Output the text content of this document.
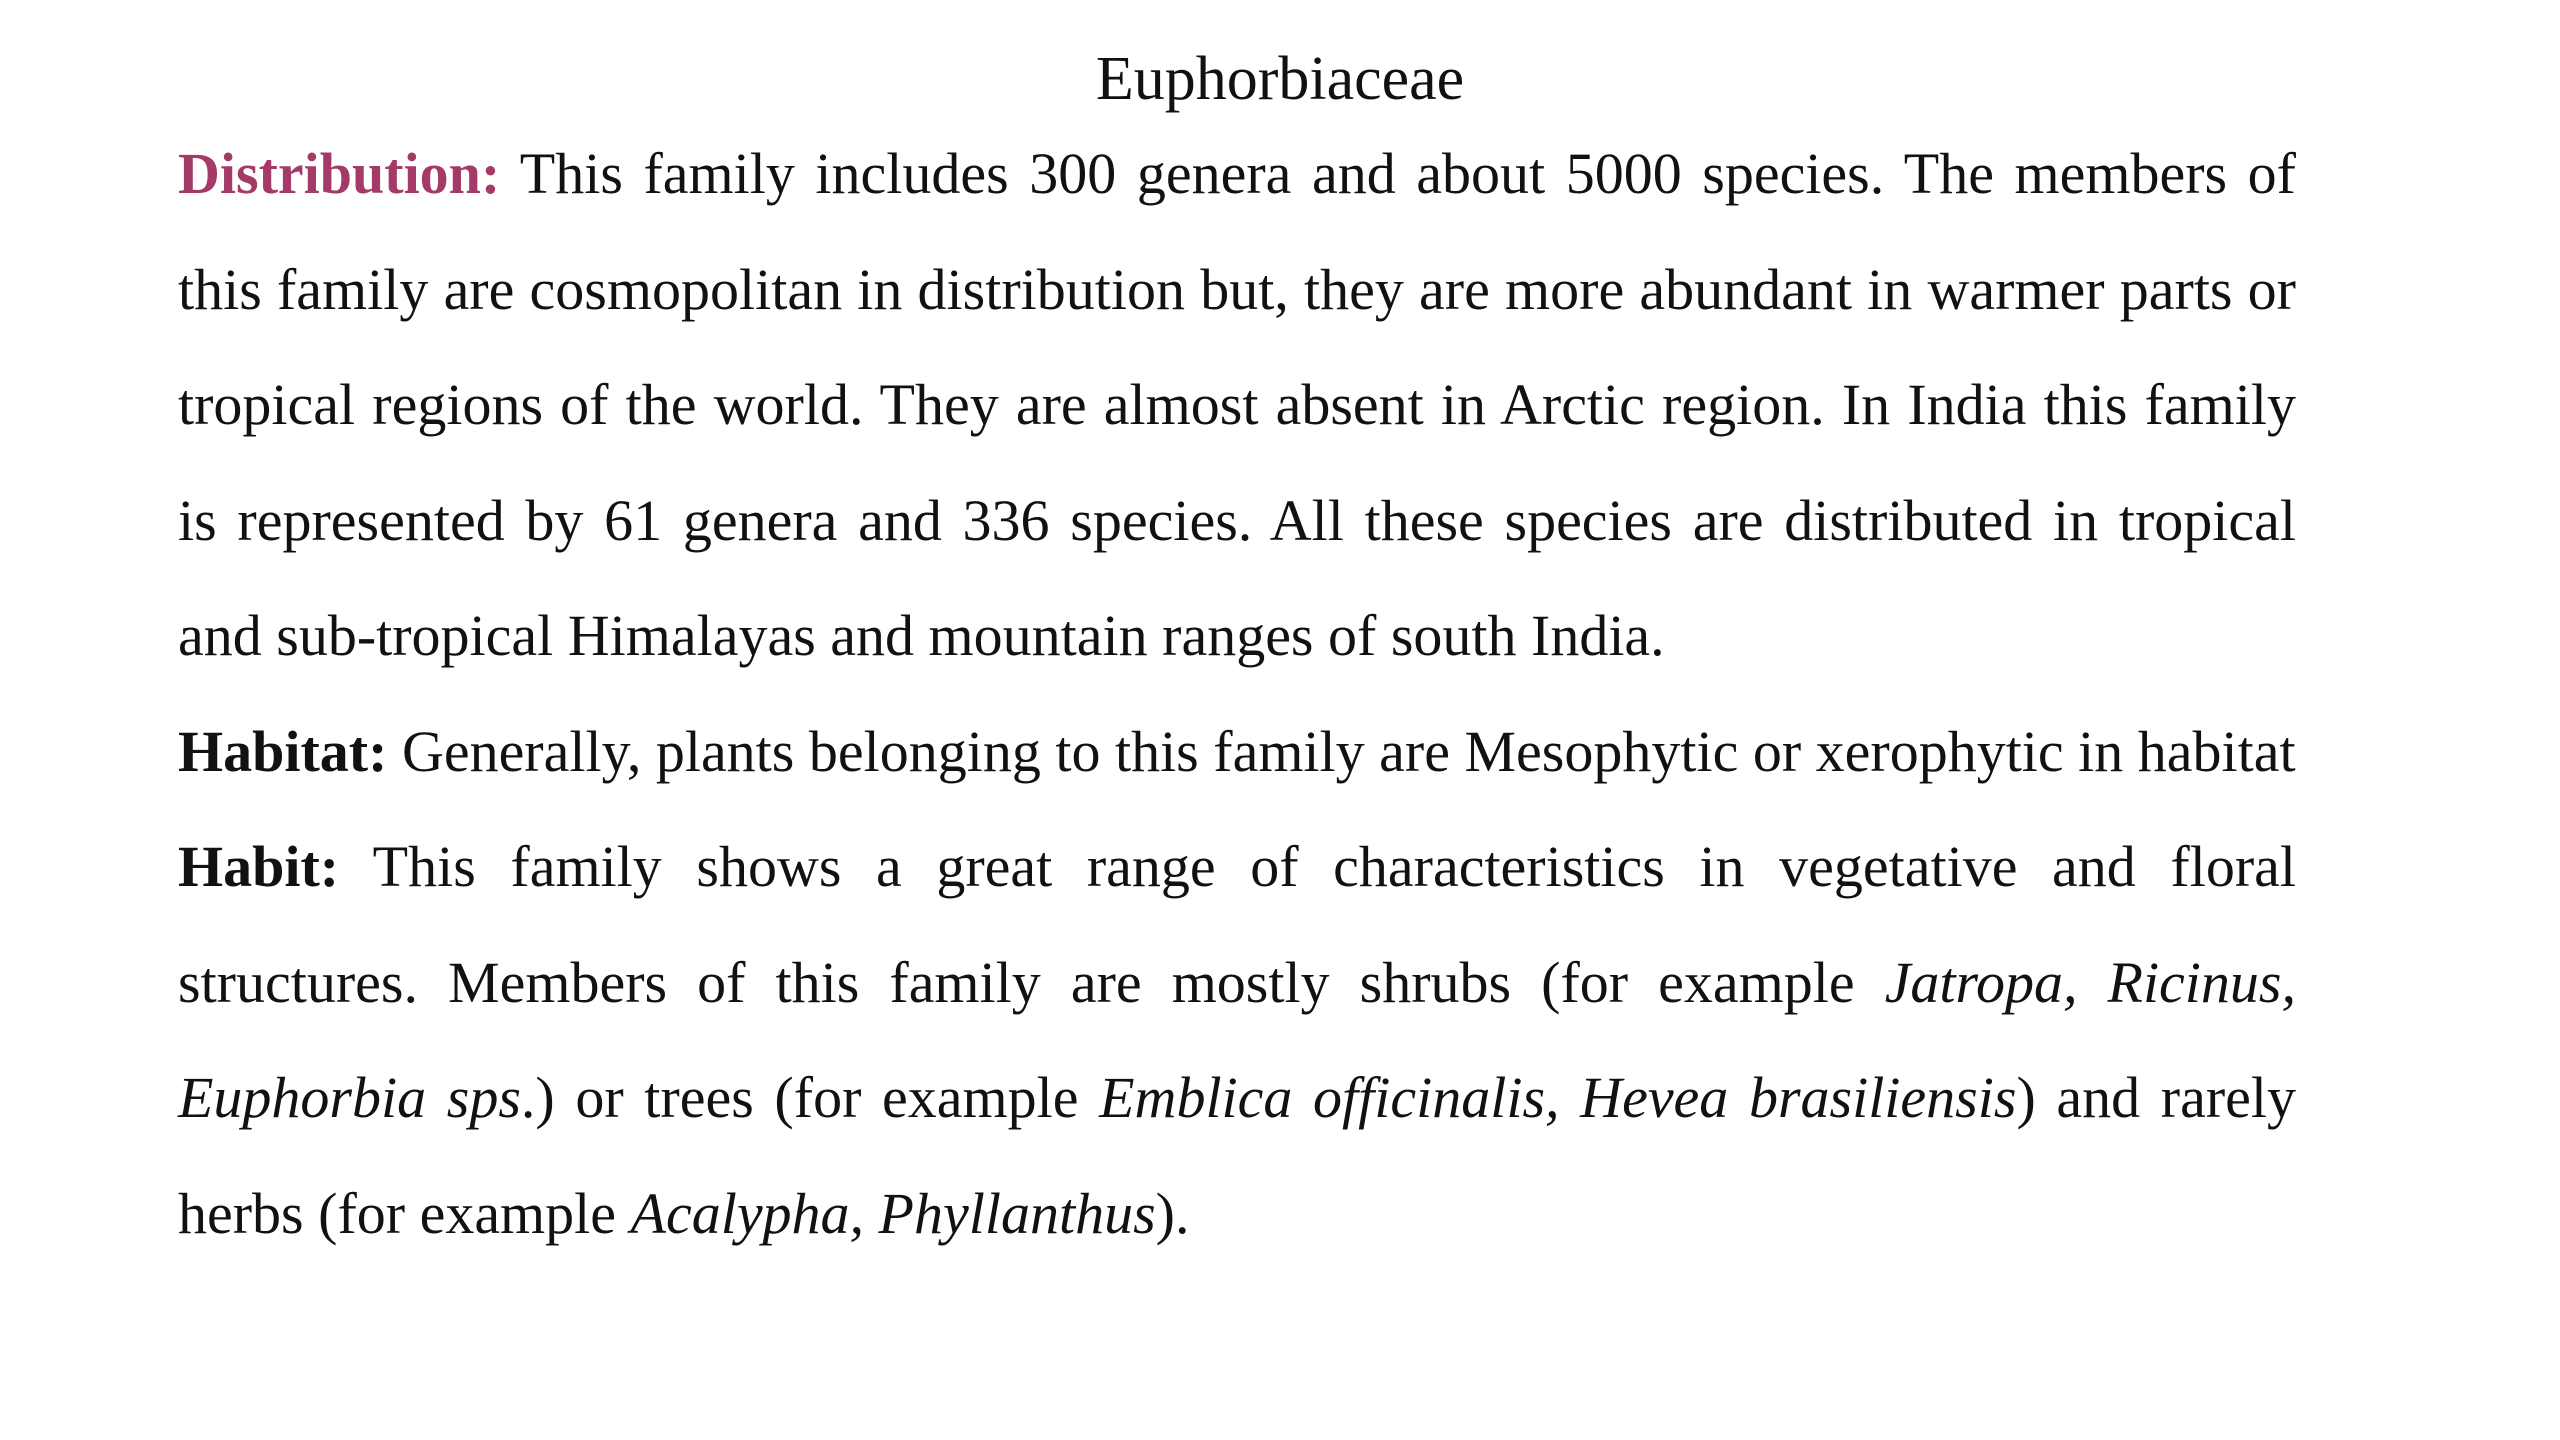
Euphorbiaceae

Distribution: This family includes 300 genera and about 5000 species. The members of this family are cosmopolitan in distribution but, they are more abundant in warmer parts or tropical regions of the world. They are almost absent in Arctic region. In India this family is represented by 61 genera and 336 species. All these species are distributed in tropical and sub-tropical Himalayas and mountain ranges of south India.

Habitat: Generally, plants belonging to this family are Mesophytic or xerophytic in habitat

Habit: This family shows a great range of characteristics in vegetative and floral structures. Members of this family are mostly shrubs (for example Jatropa, Ricinus, Euphorbia sps.) or trees (for example Emblica officinalis, Hevea brasiliensis) and rarely herbs (for example Acalypha, Phyllanthus).
